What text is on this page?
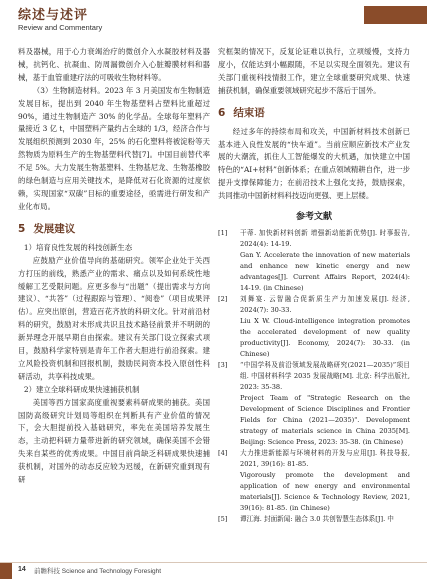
综述与述评
Review and Commentary

料及器械，用于心力衰竭治疗的微创介入水凝胶材料及器械，抗钙化、抗凝血、防周漏微创介入心脏瓣膜材料和器械，基于血管重建疗法的可吸收生物材料等。

（3）生物制造材料。2023 年 3 月美国发布生物制造发展目标，提出到 2040 年生物基塑料占塑料比重超过 90%，通过生物制造产 30% 的化学品。全球每年塑料产量接近 3 亿 t，中国塑料产量约占全球的 1/3，经济合作与发展组织预测到 2030 年，25% 的石化塑料将被淀粉等天然物质为原料生产的生物基塑料代替[7]。中国目前替代率不足 5%。大力发展生物基塑料、生物基尼龙、生物基橡胶的绿色制造与应用关键技术，是降低对石化资源的过度依赖，实现国家“双碳”目标的重要途径，亟需进行研发和产业化布局。

5 发展建议

1）培育良性发展的科技创新生态

应鼓励产业价值导向的基础研究。领军企业处于关西方打压的前线，熟悉产业的需求、痛点以及如何系统性地缓解工艺受限问题。应更多参与“出题”（提出需求与方向建议）、“共答”（过程跟踪与管理）、“阅卷”（项目成果评估）。应突出原创，营造百花齐放的科研文化。针对前沿材料的研究，鼓励对未形成共识且技术路径前景并不明朗的新异理念开展早期自由探索。建议有关部门设立探索式项目，鼓励科学家特别是青年工作者大胆进行前沿探索。建立风险投资机制和回报机制，鼓励民间资本投入原创性科研活动，共享科技成果。

2）建立全球科研成果快速捕获机制

美国等西方国家高度重视要素科研成果的捕获。美国国防高级研究计划局等组织在判断具有产业价值的情况下，会大胆提前投入基础研究，率先在美国培养发展生态，主动把科研力量带进新的研究领域，确保美国不会错失来自某些的优秀成果。中国目前尚缺乏科研成果快速捕获机制，对国外的动态反应较为迟缓，在新研究重到现有研

究框架的情况下，反复论证难以执行，立项缓慢，支持力度小，仅能达到小幅跟随，不足以实现全面领先。建议有关部门重视科技情报工作，建立全球重要研究成果、快速捕获机制，确保重要领域研究起步不落后于国外。

6 结束语

经过多年的持续布局和攻关，中国新材料技术创新已基本进入良性发展的“快车道”。当前应顺应新技术产业发展的大潮流，抓住人工智能爆发的大机遇，加快建立中国特色的“AI+材料”创新体系；在重点领域精耕自作，进一步提升支撑保障能力；在前沿技术上强化支持，鼓励探索，共同推动中国新材料科技迈向更强、更上层楼。

参考文献
[1]	干蒂. 加快新材料创新 增强新动能新优势[J]. 时事报告, 2024(4): 14-19.
Gan Y. Accelerate the innovation of new materials and enhance new kinetic energy and new advantages[J]. Current Affairs Report, 2024(4): 14-19. (in Chinese)
[2]	刘舞宴. 云智融合促新质生产力加速发展[J]. 经济, 2024(7): 30-33.
Liu X W. Cloud-intelligence integration promotes the accelerated development of new quality productivity[J]. Economy, 2024(7): 30-33. (in Chinese)
[3]	“中国学科及前沿领域发展战略研究(2021—2035)”项目组. 中国材料科学 2035 发展战略[M]. 北京: 科学出版社, 2023: 35-38.
Project Team of "Strategic Research on the Development of Science Disciplines and Frontier Fields for China (2021—2035)". Development strategy of materials science in China 2035[M]. Beijing: Science Press, 2023: 35-38. (in Chinese)
[4]	大力推进新能源与环境材料的开发与应用[J]. 科技导报, 2021, 39(16): 81-85.
Vigorously promote the development and application of new energy and environmental materials[J]. Science & Technology Review, 2021, 39(16): 81-85. (in Chinese)
[5]	谭江海. 封面新闻: 融合 3.0 共创智慧生态体系[J]. 中
14 前瞻科技 Science and Technology Foresight
